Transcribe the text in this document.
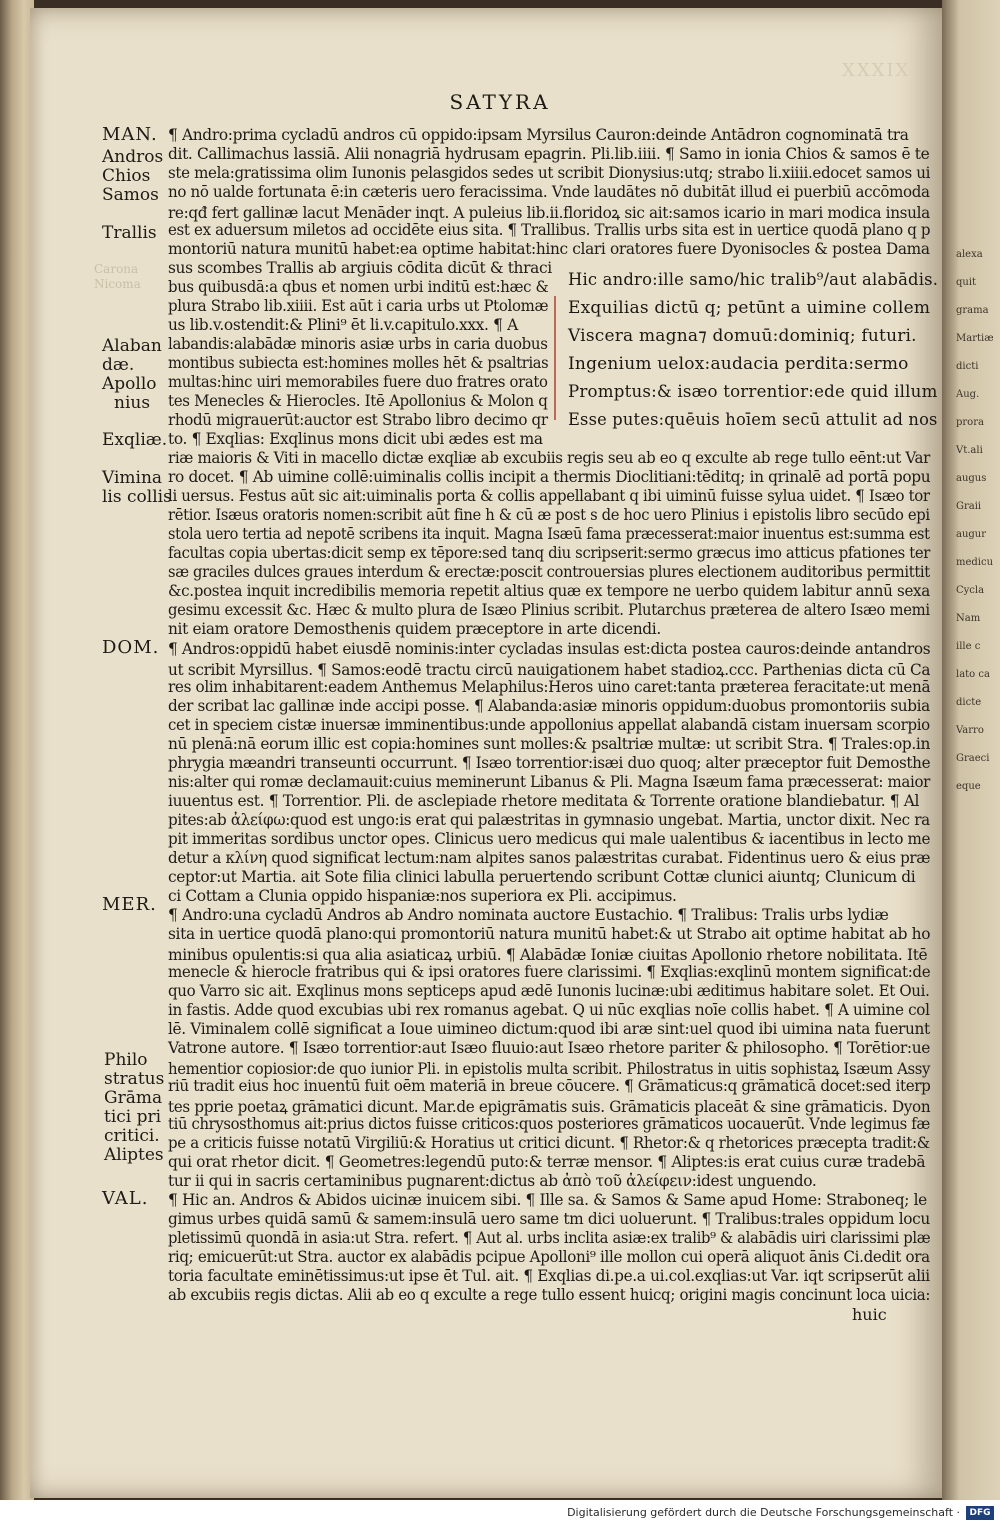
alexa
quit
grama
Martiæ
dicti
Aug.
prora
Vt.ali
augus
Graii
augur
medicu
Cycla
Nam
ille c
lato ca
dicte
Varro
Graeci
eque
XXXIX
Carona
Nicoma
SATYRA
MAN.
Andros
Chios
Samos
Trallis
Alaban
dæ.
Apollo
nius
Exqliæ.
Vimina
lis collis
DOM.
MER.
Philo
stratus
Grāma
tici pri
critici.
Aliptes
VAL.
¶ Andro:prima cycladū andros cū oppido:ipsam Myrsilus Cauron:deinde Antādron cognominatā tra
dit. Callimachus lassiā. Alii nonagriā hydrusam epagrin. Pli.lib.iiii. ¶ Samo in ionia Chios & samos ē te
ste mela:gratissima olim Iunonis pelasgidos sedes ut scribit Dionysius:utq; strabo li.xiiii.edocet samos ui
no nō ualde fortunata ē:in cæteris uero feracissima. Vnde laudātes nō dubitāt illud ei puerbiū accōmoda
re:qđ fert gallinæ lacut Menāder inqt. A puleius lib.ii.floridoꝝ sic ait:samos icario in mari modica insula
est ex aduersum miletos ad occidēte eius sita. ¶ Trallibus. Trallis urbs sita est in uertice quodā plano q p
montoriū natura munitū habet:ea optime habitat:hinc clari oratores fuere Dyonisocles & postea Dama
sus scombes Trallis ab argiuis cōdita dicūt & thraci
bus quibusdā:a qbus et nomen urbi inditū est:hæc &
plura Strabo lib.xiiii. Est aūt i caria urbs ut Ptolomæ
us lib.v.ostendit:& Plini⁹ ēt li.v.capitulo.xxx. ¶ A
labandis:alabādæ minoris asiæ urbs in caria duobus
montibus subiecta est:homines molles hēt & psaltrias
multas:hinc uiri memorabiles fuere duo fratres orato
tes Menecles & Hierocles. Itē Apollonius & Molon q
rhodū migrauerūt:auctor est Strabo libro decimo qr
to. ¶ Exqlias: Exqlinus mons dicit ubi ædes est ma
Hic andro:ille samo/hic tralib⁹/aut alabādis.
Exquilias dictū q; petūnt a uimine collem
Viscera magna⁊ domuū:dominiq; futuri.
Ingenium uelox:audacia perdita:sermo
Promptus:& isæo torrentior:ede quid illum
Esse putes:quēuis hoīem secū attulit ad nos
riæ maioris & Viti in macello dictæ exqliæ ab excubiis regis seu ab eo q exculte ab rege tullo eēnt:ut Var
ro docet. ¶ Ab uimine collē:uiminalis collis incipit a thermis Dioclitiani:tēditq; in qrinalē ad portā popu
li uersus. Festus aūt sic ait:uiminalis porta & collis appellabant q ibi uiminū fuisse sylua uidet. ¶ Isæo tor
rētior. Isæus oratoris nomen:scribit aūt fine h & cū æ post s de hoc uero Plinius i epistolis libro secūdo epi
stola uero tertia ad nepotē scribens ita inquit. Magna Isæū fama præcesserat:maior inuentus est:summa est
facultas copia ubertas:dicit semp ex tēpore:sed tanq diu scripserit:sermo græcus imo atticus pfationes ter
sæ graciles dulces graues interdum & erectæ:poscit controuersias plures electionem auditoribus permittit
&c.postea inquit incredibilis memoria repetit altius quæ ex tempore ne uerbo quidem labitur annū sexa
gesimu excessit &c. Hæc & multo plura de Isæo Plinius scribit. Plutarchus præterea de altero Isæo memi
nit eiam oratore Demosthenis quidem præceptore in arte dicendi.
¶ Andros:oppidū habet eiusdē nominis:inter cycladas insulas est:dicta postea cauros:deinde antandros
ut scribit Myrsillus. ¶ Samos:eodē tractu circū nauigationem habet stadioꝝ.ccc. Parthenias dicta cū Ca
res olim inhabitarent:eadem Anthemus Melaphilus:Heros uino caret:tanta præterea feracitate:ut menā
der scribat lac gallinæ inde accipi posse. ¶ Alabanda:asiæ minoris oppidum:duobus promontoriis subia
cet in speciem cistæ inuersæ imminentibus:unde appollonius appellat alabandā cistam inuersam scorpio
nū plenā:nā eorum illic est copia:homines sunt molles:& psaltriæ multæ: ut scribit Stra. ¶ Trales:op.in
phrygia mæandri transeunti occurrunt. ¶ Isæo torrentior:isæi duo quoq; alter præceptor fuit Demosthe
nis:alter qui romæ declamauit:cuius meminerunt Libanus & Pli. Magna Isæum fama præcesserat: maior
iuuentus est. ¶ Torrentior. Pli. de asclepiade rhetore meditata & Torrente oratione blandiebatur. ¶ Al
pites:ab ἀλείφω:quod est ungo:is erat qui palæstritas in gymnasio ungebat. Martia, unctor dixit. Nec ra
pit immeritas sordibus unctor opes. Clinicus uero medicus qui male ualentibus & iacentibus in lecto me
detur a κλίνη quod significat lectum:nam alpites sanos palæstritas curabat. Fidentinus uero & eius præ
ceptor:ut Martia. ait Sote filia clinici labulla peruertendo scribunt Cottæ clunici aiuntq; Clunicum di
ci Cottam a Clunia oppido hispaniæ:nos superiora ex Pli. accipimus.
¶ Andro:una cycladū Andros ab Andro nominata auctore Eustachio. ¶ Tralibus: Tralis urbs lydiæ
sita in uertice quodā plano:qui promontoriū natura munitū habet:& ut Strabo ait optime habitat ab ho
minibus opulentis:si qua alia asiaticaꝝ urbiū. ¶ Alabādæ Ioniæ ciuitas Apollonio rhetore nobilitata. Itē
menecle & hierocle fratribus qui & ipsi oratores fuere clarissimi. ¶ Exqlias:exqlinū montem significat:de
quo Varro sic ait. Exqlinus mons septiceps apud ædē Iunonis lucinæ:ubi æditimus habitare solet. Et Oui.
in fastis. Adde quod excubias ubi rex romanus agebat. Q ui nūc exqlias noīe collis habet. ¶ A uimine col
lē. Viminalem collē significat a Ioue uimineo dictum:quod ibi aræ sint:uel quod ibi uimina nata fuerunt
Vatrone autore. ¶ Isæo torrentior:aut Isæo fluuio:aut Isæo rhetore pariter & philosopho. ¶ Torētior:ue
hementior copiosior:de quo iunior Pli. in epistolis multa scribit. Philostratus in uitis sophistaꝝ Isæum Assy
riū tradit eius hoc inuentū fuit oēm materiā in breue cōucere. ¶ Grāmaticus:q grāmaticā docet:sed iterp
tes pprie poetaꝝ grāmatici dicunt. Mar.de epigrāmatis suis. Grāmaticis placeāt & sine grāmaticis. Dyon
tiū chrysosthomus ait:prius dictos fuisse criticos:quos posteriores grāmaticos uocauerūt. Vnde legimus fæ
pe a criticis fuisse notatū Virgiliū:& Horatius ut critici dicunt. ¶ Rhetor:& q rhetorices præcepta tradit:&
qui orat rhetor dicit. ¶ Geometres:legendū puto:& terræ mensor. ¶ Aliptes:is erat cuius curæ tradebā
tur ii qui in sacris certaminibus pugnarent:dictus ab ἀπὸ τοῦ ἀλείφειν:idest unguendo.
¶ Hic an. Andros & Abidos uicinæ inuicem sibi. ¶ Ille sa. & Samos & Same apud Home: Straboneq; le
gimus urbes quidā samū & samem:insulā uero same tm dici uoluerunt. ¶ Tralibus:trales oppidum locu
pletissimū quondā in asia:ut Stra. refert. ¶ Aut al. urbs inclita asiæ:ex tralib⁹ & alabādis uiri clarissimi plæ
riq; emicuerūt:ut Stra. auctor ex alabādis pcipue Apolloni⁹ ille mollon cui operā aliquot ānis Ci.dedit ora
toria facultate eminētissimus:ut ipse ēt Tul. ait. ¶ Exqlias di.pe.a ui.col.exqlias:ut Var. iqt scripserūt alii
ab excubiis regis dictas. Alii ab eo q exculte a rege tullo essent huicq; origini magis concinunt loca uicia:
huic
Digitalisierung gefördert durch die Deutsche Forschungsgemeinschaft ·	DFG
